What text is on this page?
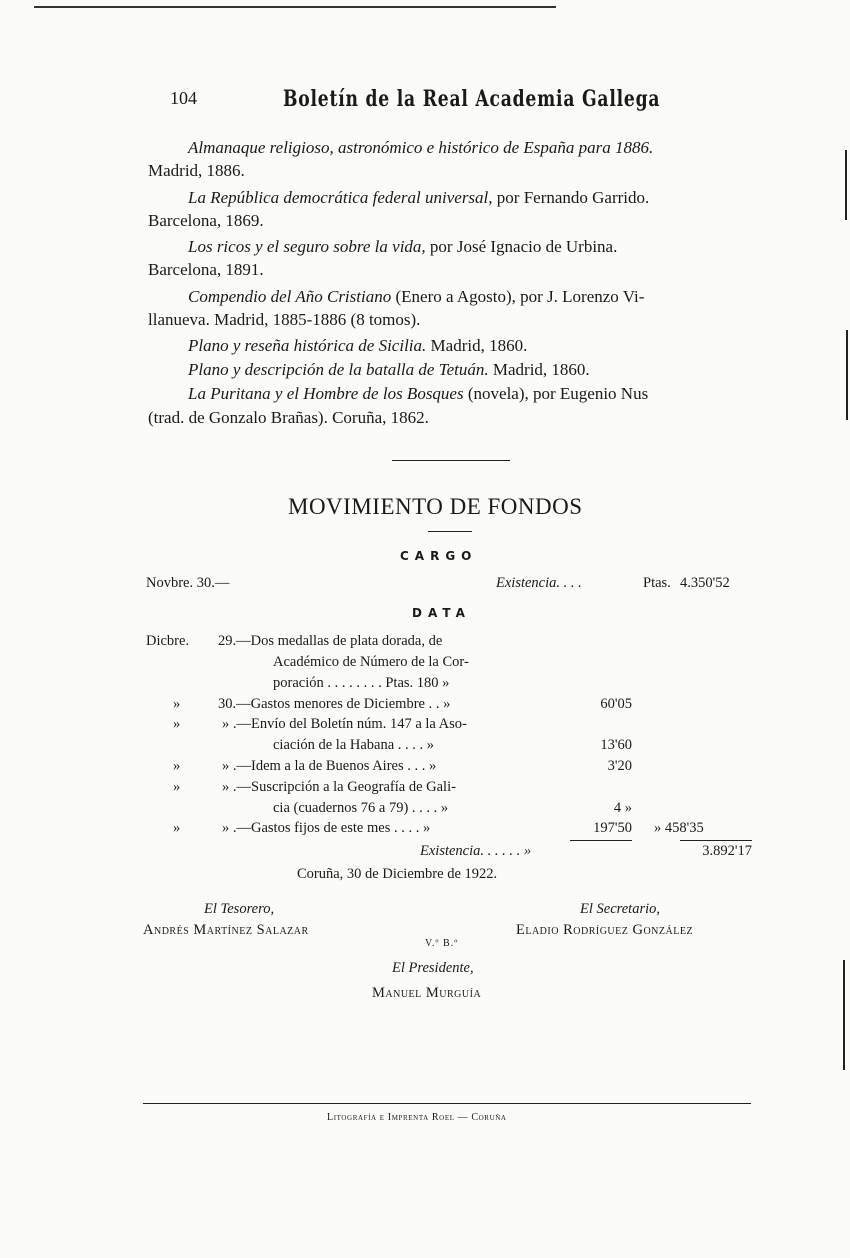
104	Boletín de la Real Academia Gallega
Almanaque religioso, astronómico e histórico de España para 1886.
Madrid, 1886.
La República democrática federal universal, por Fernando Garrido.
Barcelona, 1869.
Los ricos y el seguro sobre la vida, por José Ignacio de Urbina.
Barcelona, 1891.
Compendio del Año Cristiano (Enero a Agosto), por J. Lorenzo Vi-
llanueva. Madrid, 1885-1886 (8 tomos).
Plano y reseña histórica de Sicilia. Madrid, 1860.
Plano y descripción de la batalla de Tetuán. Madrid, 1860.
La Puritana y el Hombre de los Bosques (novela), por Eugenio Nus
(trad. de Gonzalo Brañas). Coruña, 1862.
MOVIMIENTO DE FONDOS
CARGO
Novbre. 30.—	Existencia. . . .	Ptas. 4.350'52
DATA
Dicbre. 29.—Dos medallas de plata dorada, de
Académico de Número de la Cor-
poración . . . . . . . . Ptas. 180 »
»	30.—Gastos menores de Diciembre . . »	60'05
»	» .—Envío del Boletín núm. 147 a la Aso-
ciación de la Habana . . . . »	13'60
»	» .—Idem a la de Buenos Aires . . . »	3'20
»	» .—Suscripción a la Geografía de Gali-
cia (cuadernos 76 a 79) . . . . »	4 »
»	» .—Gastos fijos de este mes . . . . »	197'50 » 458'35
Existencia. . . . . . »	3.892'17
Coruña, 30 de Diciembre de 1922.
El Tesorero,
Andrés Martínez Salazar
El Secretario,
Eladio Rodríguez González
V.º B.º
El Presidente,
Manuel Murguía
Litografía e Imprenta Roel — Coruña
